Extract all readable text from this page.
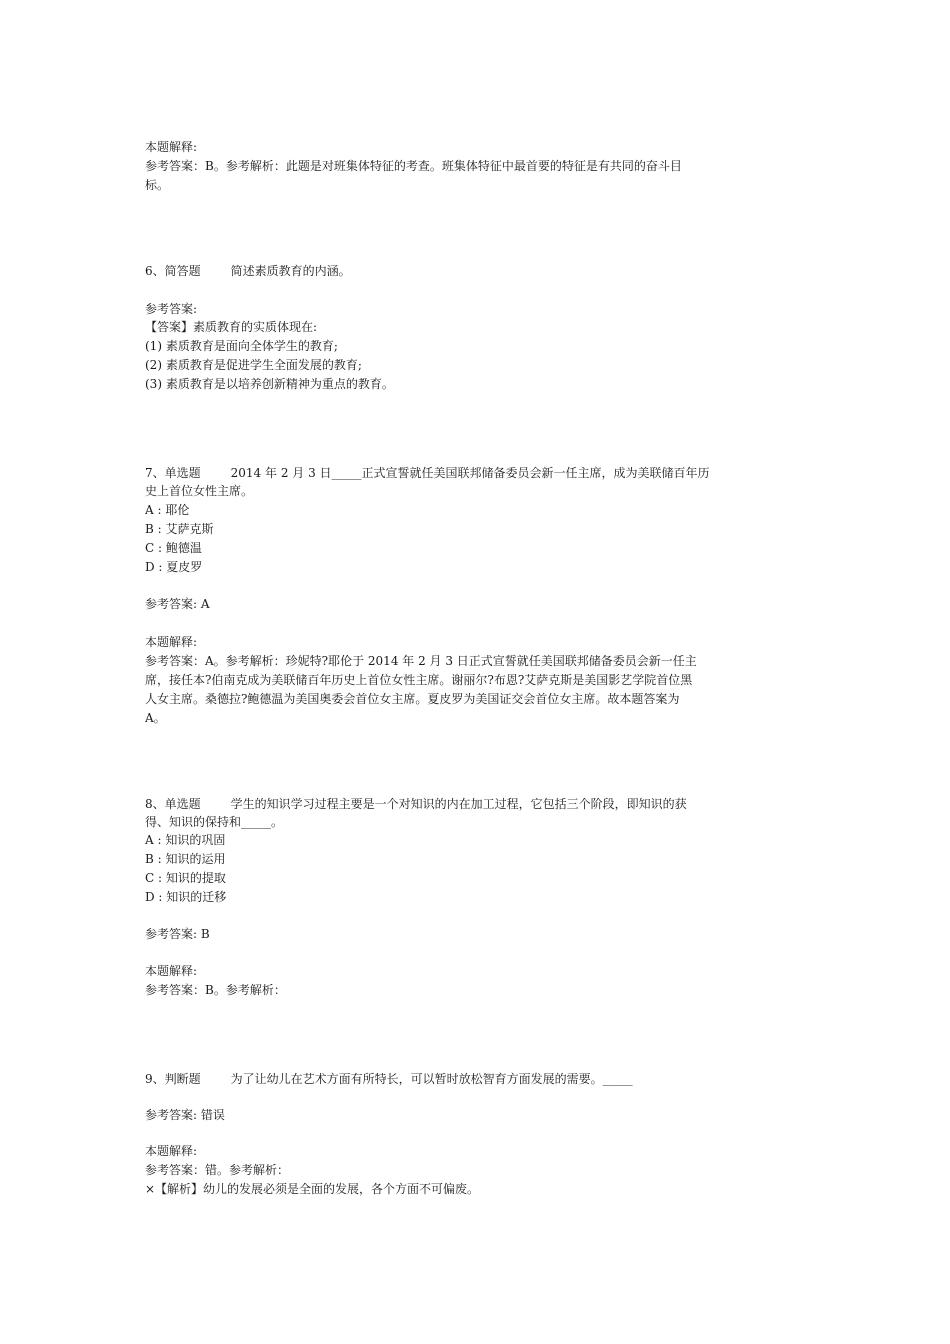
本题解释:
参考答案：B。参考解析：此题是对班集体特征的考查。班集体特征中最首要的特征是有共同的奋斗目
标。
6、简答题	简述素质教育的内涵。
参考答案:
【答案】素质教育的实质体现在:
(1) 素质教育是面向全体学生的教育;
(2) 素质教育是促进学生全面发展的教育;
(3) 素质教育是以培养创新精神为重点的教育。
7、单选题	2014 年 2 月 3 日_____正式宣誓就任美国联邦储备委员会新一任主席，成为美联储百年历
史上首位女性主席。
A : 耶伦
B : 艾萨克斯
C : 鲍德温
D : 夏皮罗
参考答案: A
本题解释:
参考答案：A。参考解析：珍妮特?耶伦于 2014 年 2 月 3 日正式宣誓就任美国联邦储备委员会新一任主
席，接任本?伯南克成为美联储百年历史上首位女性主席。谢丽尔?布恩?艾萨克斯是美国影艺学院首位黑
人女主席。桑德拉?鲍德温为美国奥委会首位女主席。夏皮罗为美国证交会首位女主席。故本题答案为
A。
8、单选题	学生的知识学习过程主要是一个对知识的内在加工过程，它包括三个阶段，即知识的获
得、知识的保持和_____。
A : 知识的巩固
B : 知识的运用
C : 知识的提取
D : 知识的迁移
参考答案: B
本题解释:
参考答案：B。参考解析：
9、判断题	为了让幼儿在艺术方面有所特长，可以暂时放松智育方面发展的需要。_____
参考答案: 错误
本题解释:
参考答案：错。参考解析：
×【解析】幼儿的发展必须是全面的发展，各个方面不可偏废。
